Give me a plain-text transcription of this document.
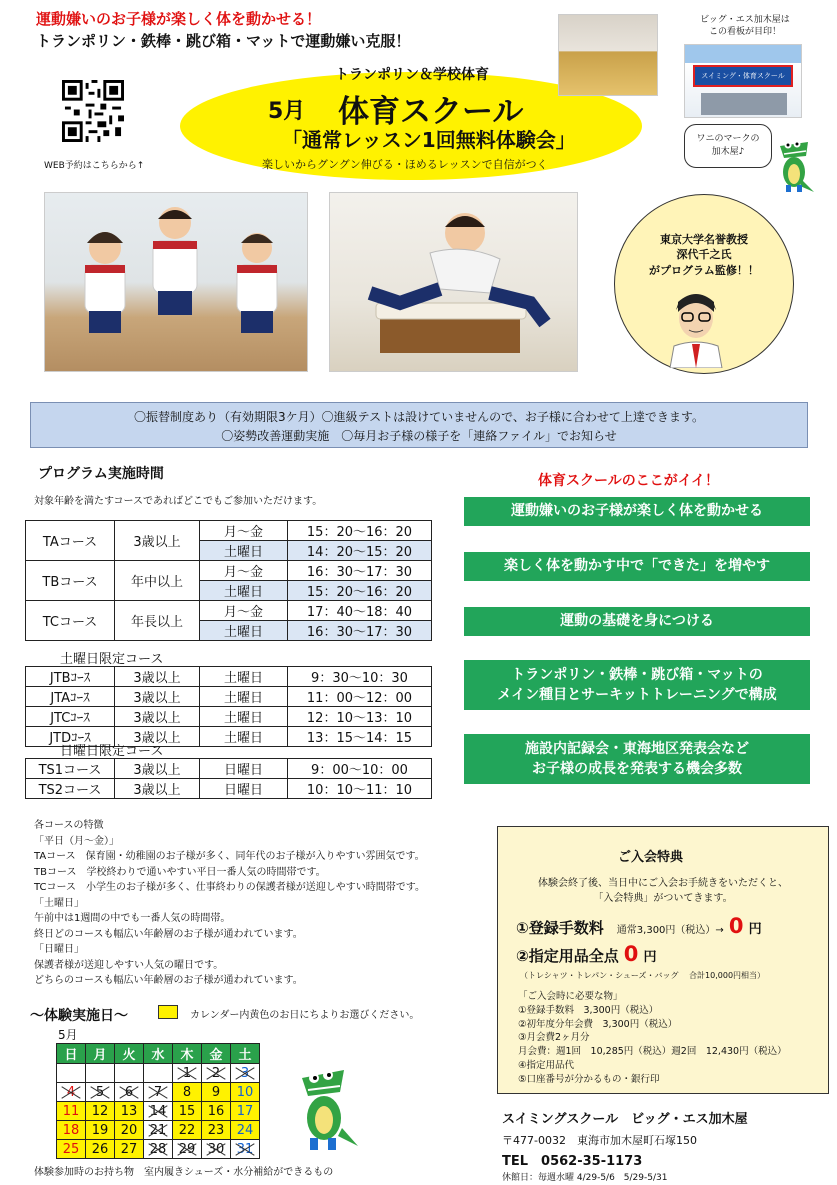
運動嫌いのお子様が楽しく体を動かせる！
トランポリン・鉄棒・跳び箱・マットで運動嫌い克服！
WEB予約はこちらから↑
トランポリン＆学校体育
5月 体育スクール
「通常レッスン1回無料体験会」
楽しいからグングン伸びる・ほめるレッスンで自信がつく
ビッグ・エス加木屋は
この看板が目印！
スイミング・体育スクール
ワニのマークの
加木屋♪
東京大学名誉教授
深代千之氏
がプログラム監修！！
〇振替制度あり（有効期限3ケ月）〇進級テストは設けていませんので、お子様に合わせて上達できます。
〇姿勢改善運動実施　〇毎月お子様の様子を「連絡ファイル」でお知らせ
プログラム実施時間
対象年齢を満たすコースであればどこでもご参加いただけます。
TAコース	3歳以上	月～金	15：20～16：20
		土曜日	14：20～15：20
TBコース	年中以上	月～金	16：30～17：30
		土曜日	15：20～16：20
TCコース	年長以上	月～金	17：40～18：40
		土曜日	16：30～17：30
土曜日限定コース
JTBｺｰｽ	3歳以上	土曜日	9：30～10：30
JTAｺｰｽ	3歳以上	土曜日	11：00～12：00
JTCｺｰｽ	3歳以上	土曜日	12：10～13：10
JTDｺｰｽ	3歳以上	土曜日	13：15～14：15
日曜日限定コース
TS1コース	3歳以上	日曜日	9：00～10：00
TS2コース	3歳以上	日曜日	10：10～11：10
体育スクールのここがイイ！
運動嫌いのお子様が楽しく体を動かせる
楽しく体を動かす中で「できた」を増やす
運動の基礎を身につける
トランポリン・鉄棒・跳び箱・マットの
メイン種目とサーキットトレーニングで構成
施設内記録会・東海地区発表会など
お子様の成長を発表する機会多数
各コースの特徴
「平日（月～金）」
TAコース　保育園・幼稚園のお子様が多く、同年代のお子様が入りやすい雰囲気です。
TBコース　学校終わりで通いやすい平日一番人気の時間帯です。
TCコース　小学生のお子様が多く、仕事終わりの保護者様が送迎しやすい時間帯です。
「土曜日」
午前中は1週間の中でも一番人気の時間帯。
終日どのコースも幅広い年齢層のお子様が通われています。
「日曜日」
保護者様が送迎しやすい人気の曜日です。
どちらのコースも幅広い年齢層のお子様が通われています。
～体験実施日～	カレンダー内黄色のお日にちよりお選びください。
5月
日	月	火	水	木	金	土
				1	2	3
4	5	6	7	8	9	10
11	12	13	14	15	16	17
18	19	20	21	22	23	24
25	26	27	28	29	30	31
体験参加時のお持ち物　室内履きシューズ・水分補給ができるもの
ご入会特典
体験会終了後、当日中にご入会お手続きをいただくと、
「入会特典」がついてきます。
①登録手数料 通常3,300円（税込）→ 0 円
②指定用品全点 0 円
（トレシャツ・トレパン・シューズ・バッグ　 合計10,000円相当）
「ご入会時に必要な物」
①登録手数料　3,300円（税込）
②初年度分年会費　3,300円（税込）
③月会費2ヶ月分
月会費：週1回　10,285円（税込）週2回　12,430円（税込）
④指定用品代
⑤口座番号が分かるもの・銀行印
スイミングスクール　ビッグ・エス加木屋
〒477-0032　東海市加木屋町石塚150
TEL　0562-35-1173
休館日：毎週水曜 4/29-5/6　5/29-5/31
